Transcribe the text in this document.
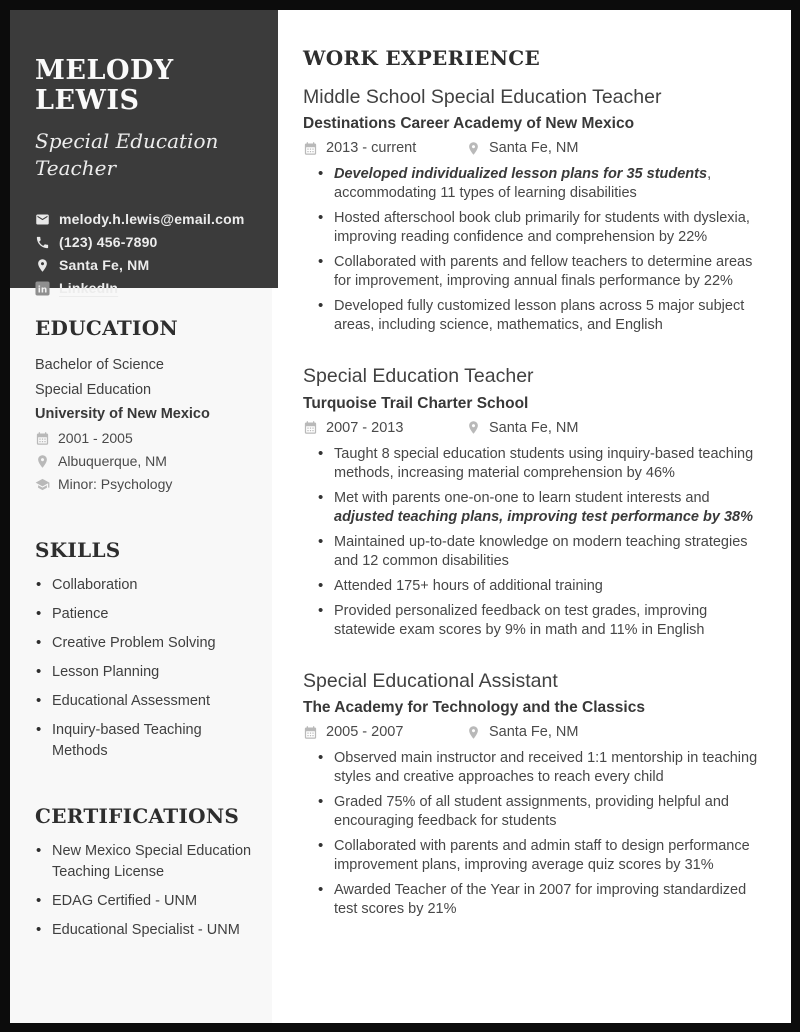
MELODY LEWIS
Special Education Teacher
melody.h.lewis@email.com
(123) 456-7890
Santa Fe, NM
in LinkedIn
EDUCATION
Bachelor of Science
Special Education
University of New Mexico
2001 - 2005
Albuquerque, NM
Minor: Psychology
SKILLS
• Collaboration
• Patience
• Creative Problem Solving
• Lesson Planning
• Educational Assessment
• Inquiry-based Teaching Methods
CERTIFICATIONS
• New Mexico Special Education Teaching License
• EDAG Certified - UNM
• Educational Specialist - UNM
WORK EXPERIENCE
Middle School Special Education Teacher
Destinations Career Academy of New Mexico
2013 - current	Santa Fe, NM
• Developed individualized lesson plans for 35 students, accommodating 11 types of learning disabilities
• Hosted afterschool book club primarily for students with dyslexia, improving reading confidence and comprehension by 22%
• Collaborated with parents and fellow teachers to determine areas for improvement, improving annual finals performance by 22%
• Developed fully customized lesson plans across 5 major subject areas, including science, mathematics, and English
Special Education Teacher
Turquoise Trail Charter School
2007 - 2013	Santa Fe, NM
• Taught 8 special education students using inquiry-based teaching methods, increasing material comprehension by 46%
• Met with parents one-on-one to learn student interests and adjusted teaching plans, improving test performance by 38%
• Maintained up-to-date knowledge on modern teaching strategies and 12 common disabilities
• Attended 175+ hours of additional training
• Provided personalized feedback on test grades, improving statewide exam scores by 9% in math and 11% in English
Special Educational Assistant
The Academy for Technology and the Classics
2005 - 2007	Santa Fe, NM
• Observed main instructor and received 1:1 mentorship in teaching styles and creative approaches to reach every child
• Graded 75% of all student assignments, providing helpful and encouraging feedback for students
• Collaborated with parents and admin staff to design performance improvement plans, improving average quiz scores by 31%
• Awarded Teacher of the Year in 2007 for improving standardized test scores by 21%
